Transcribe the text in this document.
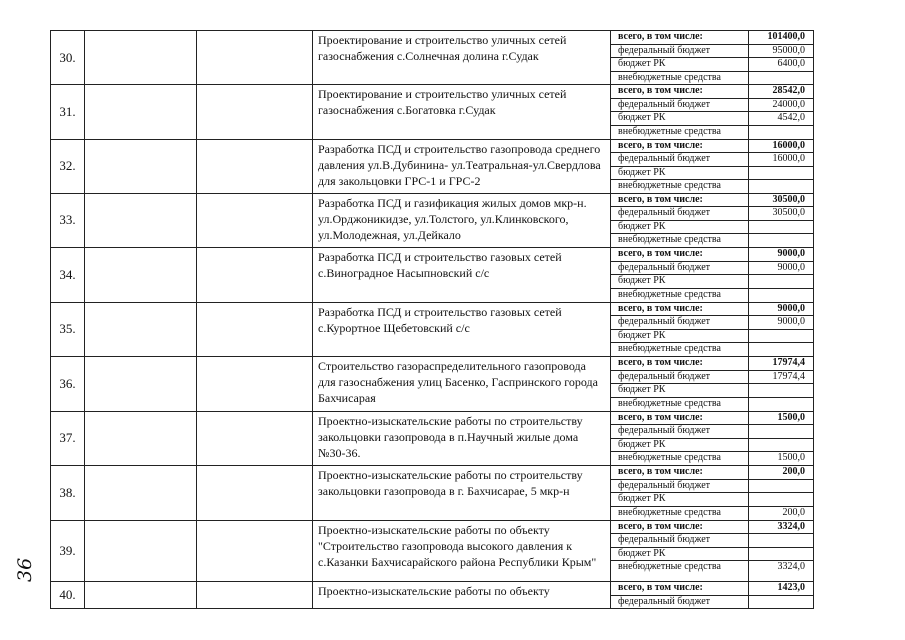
30.			Проектирование и строительство уличных сетей газоснабжения с.Солнечная долина г.Судак	всего, в том числе:	101400,0
				федеральный бюджет	95000,0
				бюджет РК	6400,0
				внебюджетные средства	
31.			Проектирование и строительство уличных сетей газоснабжения с.Богатовка г.Судак	всего, в том числе:	28542,0
				федеральный бюджет	24000,0
				бюджет РК	4542,0
				внебюджетные средства	
32.			Разработка ПСД и строительство газопровода среднего давления ул.В.Дубинина- ул.Театральная-ул.Свердлова для закольцовки ГРС-1 и ГРС-2	всего, в том числе:	16000,0
				федеральный бюджет	16000,0
				бюджет РК	
				внебюджетные средства	
33.			Разработка ПСД и газификация жилых домов мкр-н. ул.Орджоникидзе, ул.Толстого, ул.Клинковского, ул.Молодежная, ул.Дейкало	всего, в том числе:	30500,0
				федеральный бюджет	30500,0
				бюджет РК	
				внебюджетные средства	
34.			Разработка ПСД и строительство газовых сетей с.Виноградное Насыпновский с/с	всего, в том числе:	9000,0
				федеральный бюджет	9000,0
				бюджет РК	
				внебюджетные средства	
35.			Разработка ПСД и строительство газовых сетей с.Курортное Щебетовский с/с	всего, в том числе:	9000,0
				федеральный бюджет	9000,0
				бюджет РК	
				внебюджетные средства	
36.			Строительство газораспределительного газопровода для газоснабжения улиц Басенко, Гаспринского города Бахчисарая	всего, в том числе:	17974,4
				федеральный бюджет	17974,4
				бюджет РК	
				внебюджетные средства	
37.			Проектно-изыскательские работы по строительству закольцовки газопровода в п.Научный жилые дома №30-36.	всего, в том числе:	1500,0
				федеральный бюджет	
				бюджет РК	
				внебюджетные средства	1500,0
38.			Проектно-изыскательские работы по строительству закольцовки газопровода в г. Бахчисарае, 5 мкр-н	всего, в том числе:	200,0
				федеральный бюджет	
				бюджет РК	
				внебюджетные средства	200,0
39.			Проектно-изыскательские работы по объекту "Строительство газопровода высокого давления к с.Казанки Бахчисарайского района Республики Крым"	всего, в том числе:	3324,0
				федеральный бюджет	
				бюджет РК	
				внебюджетные средства	3324,0
40.			Проектно-изыскательские работы по объекту	всего, в том числе:	1423,0
				федеральный бюджет	
36
